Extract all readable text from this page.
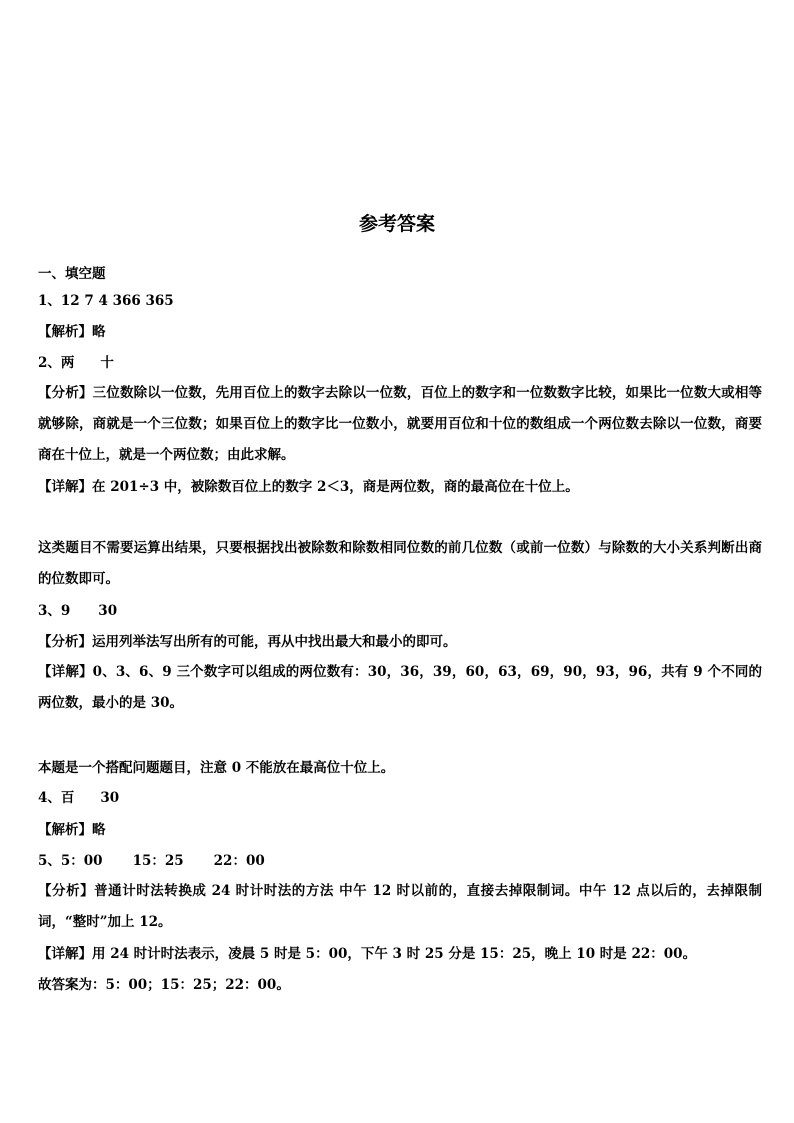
参考答案
一、填空题
1、12 7 4 366 365
【解析】略
2、两 十
【分析】三位数除以一位数，先用百位上的数字去除以一位数，百位上的数字和一位数数字比较，如果比一位数大或相等就够除，商就是一个三位数；如果百位上的数字比一位数小，就要用百位和十位的数组成一个两位数去除以一位数，商要商在十位上，就是一个两位数；由此求解。
【详解】在 201÷3 中，被除数百位上的数字 2＜3，商是两位数，商的最高位在十位上。
这类题目不需要运算出结果，只要根据找出被除数和除数相同位数的前几位数（或前一位数）与除数的大小关系判断出商的位数即可。
3、9 30
【分析】运用列举法写出所有的可能，再从中找出最大和最小的即可。
【详解】0、3、6、9 三个数字可以组成的两位数有：30，36，39，60，63，69，90，93，96，共有 9 个不同的两位数，最小的是 30。
本题是一个搭配问题题目，注意 0 不能放在最高位十位上。
4、百 30
【解析】略
5、5：00 15：25 22：00
【分析】普通计时法转换成 24 时计时法的方法 中午 12 时以前的，直接去掉限制词。中午 12 点以后的，去掉限制词，“整时”加上 12。
【详解】用 24 时计时法表示，凌晨 5 时是 5：00，下午 3 时 25 分是 15：25，晚上 10 时是 22：00。
故答案为：5：00；15：25；22：00。
